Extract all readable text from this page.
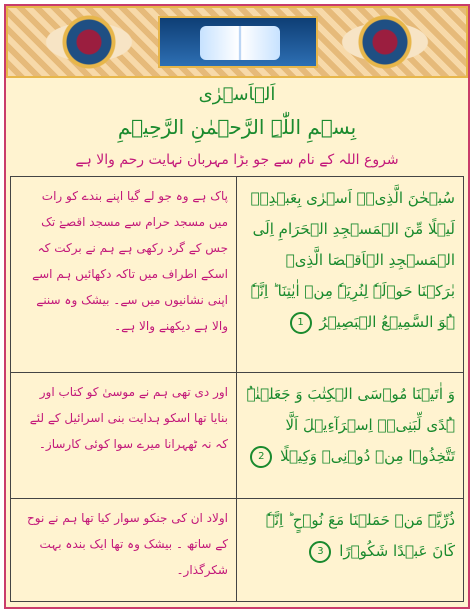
اَلۡاَسۡرٰی
بِسۡمِ اللّٰہِ الرَّحۡمٰنِ الرَّحِیۡمِ
شروع اللہ کے نام سے جو بڑا مہربان نہایت رحم والا ہے
سُبۡحٰنَ الَّذِیۡۤ اَسۡرٰی بِعَبۡدِہٖ لَیۡلًا مِّنَ الۡمَسۡجِدِ الۡحَرَامِ اِلَی الۡمَسۡجِدِ الۡاَقۡصَا الَّذِیۡ بٰرَکۡنَا حَوۡلَہٗ لِنُرِیَہٗ مِنۡ اٰیٰتِنَا ؕ اِنَّہٗ ہُوَ السَّمِیۡعُ الۡبَصِیۡرُ 1
پاک ہے وہ جو لے گیا اپنے بندے کو رات میں مسجد حرام سے مسجد اقصےٰ تک جس کے گرد رکھی ہے ہم نے برکت کہ اسکے اطراف میں تاکہ دکھائیں ہم اسے اپنی نشانیوں میں سے۔ بیشک وہ سننے والا ہے دیکھنے والا ہے۔
وَ اٰتَیۡنَا مُوۡسَی الۡکِتٰبَ وَ جَعَلۡنٰہُ ہُدًی لِّبَنِیۡۤ اِسۡرَآءِیۡلَ اَلَّا تَتَّخِذُوۡا مِنۡ دُوۡنِیۡ وَکِیۡلًا 2
اور دی تھی ہم نے موسیٰ کو کتاب اور بنایا تھا اسکو ہدایت بنی اسرائیل کے لئے کہ نہ ٹھہرانا میرے سوا کوئی کارساز۔
ذُرِّیَّۃَ مَنۡ حَمَلۡنَا مَعَ نُوۡحٍ ؕ اِنَّہٗ کَانَ عَبۡدًا شَکُوۡرًا 3
اولاد ان کی جنکو سوار کیا تھا ہم نے نوح کے ساتھ ۔ بیشک وہ تھا ایک بندہ بہت شکرگذار۔
